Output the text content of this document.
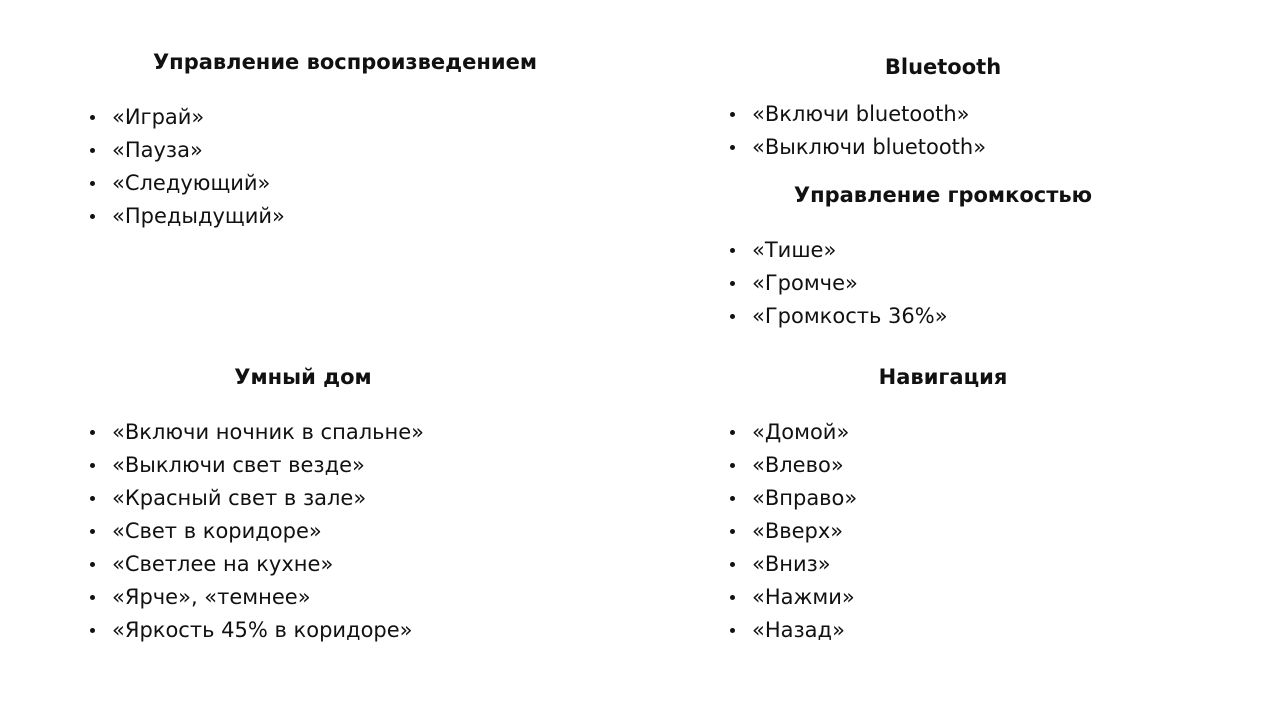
Управление воспроизведением
«Играй»
«Пауза»
«Следующий»
«Предыдущий»
Bluetooth
«Включи bluetooth»
«Выключи bluetooth»
Управление громкостью
«Тише»
«Громче»
«Громкость 36%»
Умный дом
«Включи ночник в спальне»
«Выключи свет везде»
«Красный свет в зале»
«Свет в коридоре»
«Светлее на кухне»
«Ярче», «темнее»
«Яркость 45% в коридоре»
Навигация
«Домой»
«Влево»
«Вправо»
«Вверх»
«Вниз»
«Нажми»
«Назад»
